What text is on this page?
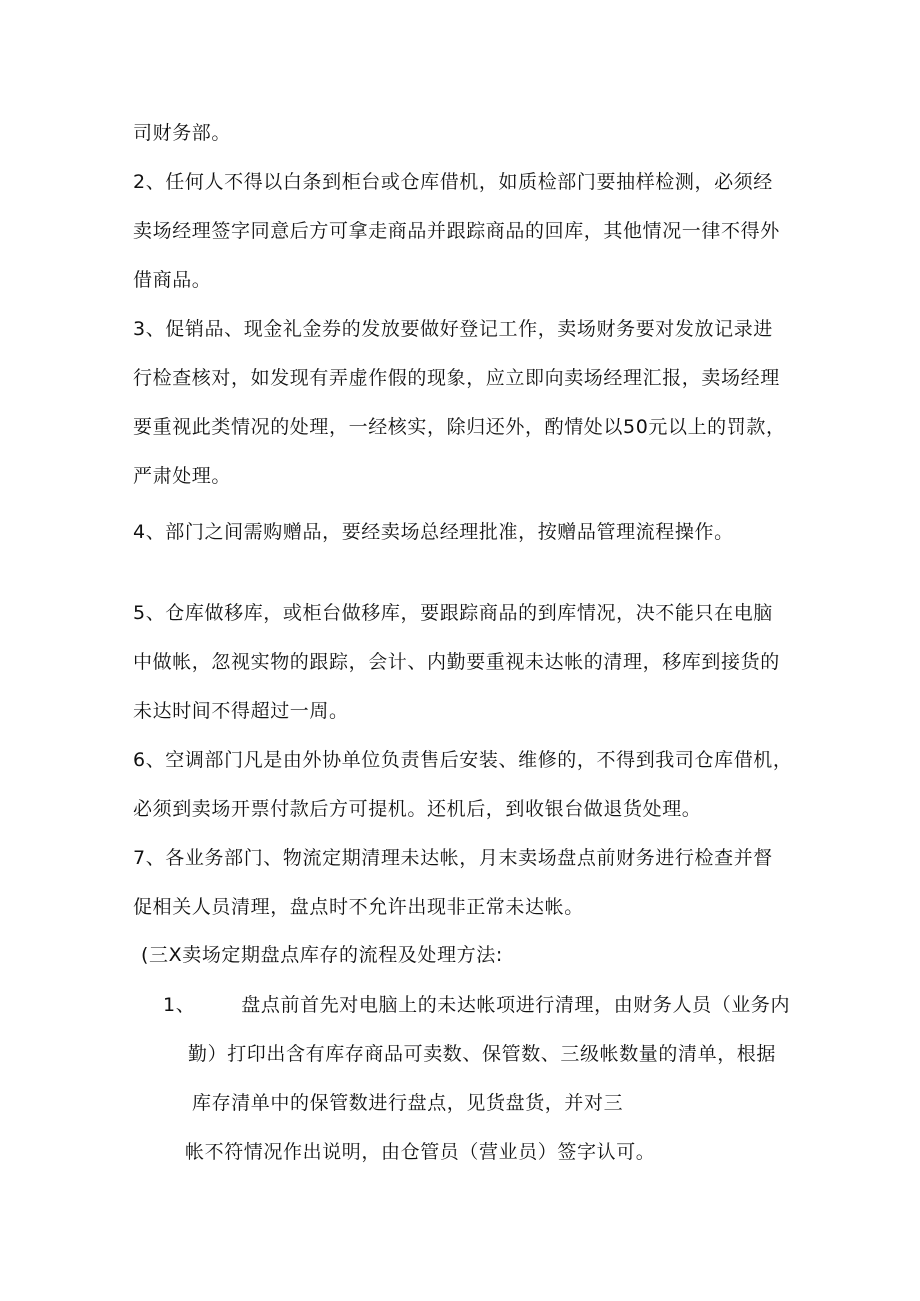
司财务部。
2、任何人不得以白条到柜台或仓库借机，如质检部门要抽样检测，必须经
卖场经理签字同意后方可拿走商品并跟踪商品的回库，其他情况一律不得外
借商品。
3、促销品、现金礼金券的发放要做好登记工作，卖场财务要对发放记录进
行检查核对，如发现有弄虚作假的现象，应立即向卖场经理汇报，卖场经理
要重视此类情况的处理，一经核实，除归还外，酌情处以50元以上的罚款，
严肃处理。
4、部门之间需购赠品，要经卖场总经理批准，按赠品管理流程操作。
5、仓库做移库，或柜台做移库，要跟踪商品的到库情况，决不能只在电脑
中做帐，忽视实物的跟踪，会计、内勤要重视未达帐的清理，移库到接货的
未达时间不得超过一周。
6、空调部门凡是由外协单位负责售后安装、维修的，不得到我司仓库借机，
必须到卖场开票付款后方可提机。还机后，到收银台做退货处理。
7、各业务部门、物流定期清理未达帐，月末卖场盘点前财务进行检查并督
促相关人员清理，盘点时不允许出现非正常未达帐。
(三X卖场定期盘点库存的流程及处理方法:
1、 盘点前首先对电脑上的未达帐项进行清理，由财务人员（业务内
勤）打印出含有库存商品可卖数、保管数、三级帐数量的清单，根据
库存清单中的保管数进行盘点，见货盘货，并对三
帐不符情况作出说明，由仓管员（营业员）签字认可。
